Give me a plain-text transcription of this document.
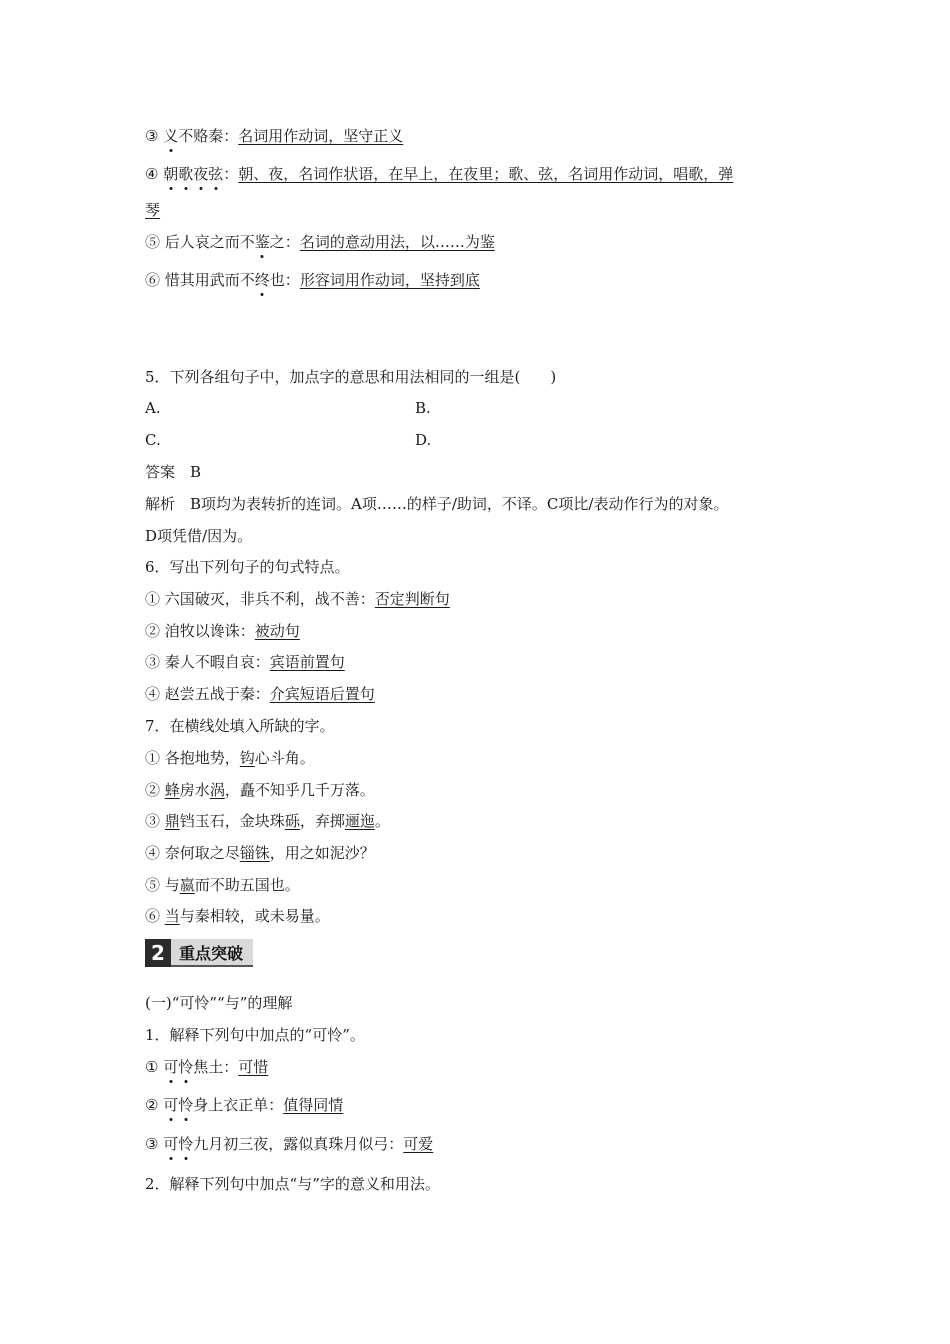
③ 义不赂秦：名词用作动词，坚守正义
④ 朝歌夜弦：朝、夜，名词作状语，在早上，在夜里；歌、弦，名词用作动词，唱歌，弹
琴
⑤ 后人哀之而不鉴之：名词的意动用法，以……为鉴
⑥ 惜其用武而不终也：形容词用作动词，坚持到底
5．下列各组句子中，加点字的意思和用法相同的一组是(　　)
A.	B.
C.	D.
答案　B
解析　B项均为表转折的连词。A项……的样子/助词，不译。C项比/表动作行为的对象。
D项凭借/因为。
6．写出下列句子的句式特点。
① 六国破灭，非兵不利，战不善：否定判断句
② 洎牧以谗诛：被动句
③ 秦人不暇自哀：宾语前置句
④ 赵尝五战于秦：介宾短语后置句
7．在横线处填入所缺的字。
① 各抱地势，钩心斗角。
② 蜂房水涡，矗不知乎几千万落。
③ 鼎铛玉石，金块珠砾，弃掷逦迤。
④ 奈何取之尽锱铢，用之如泥沙？
⑤ 与嬴而不助五国也。
⑥ 当与秦相较，或未易量。
2 重点突破
(一)“可怜”“与”的理解
1．解释下列句中加点的“可怜”。
① 可怜焦土：可惜
② 可怜身上衣正单：值得同情
③ 可怜九月初三夜，露似真珠月似弓：可爱
2．解释下列句中加点“与”字的意义和用法。
